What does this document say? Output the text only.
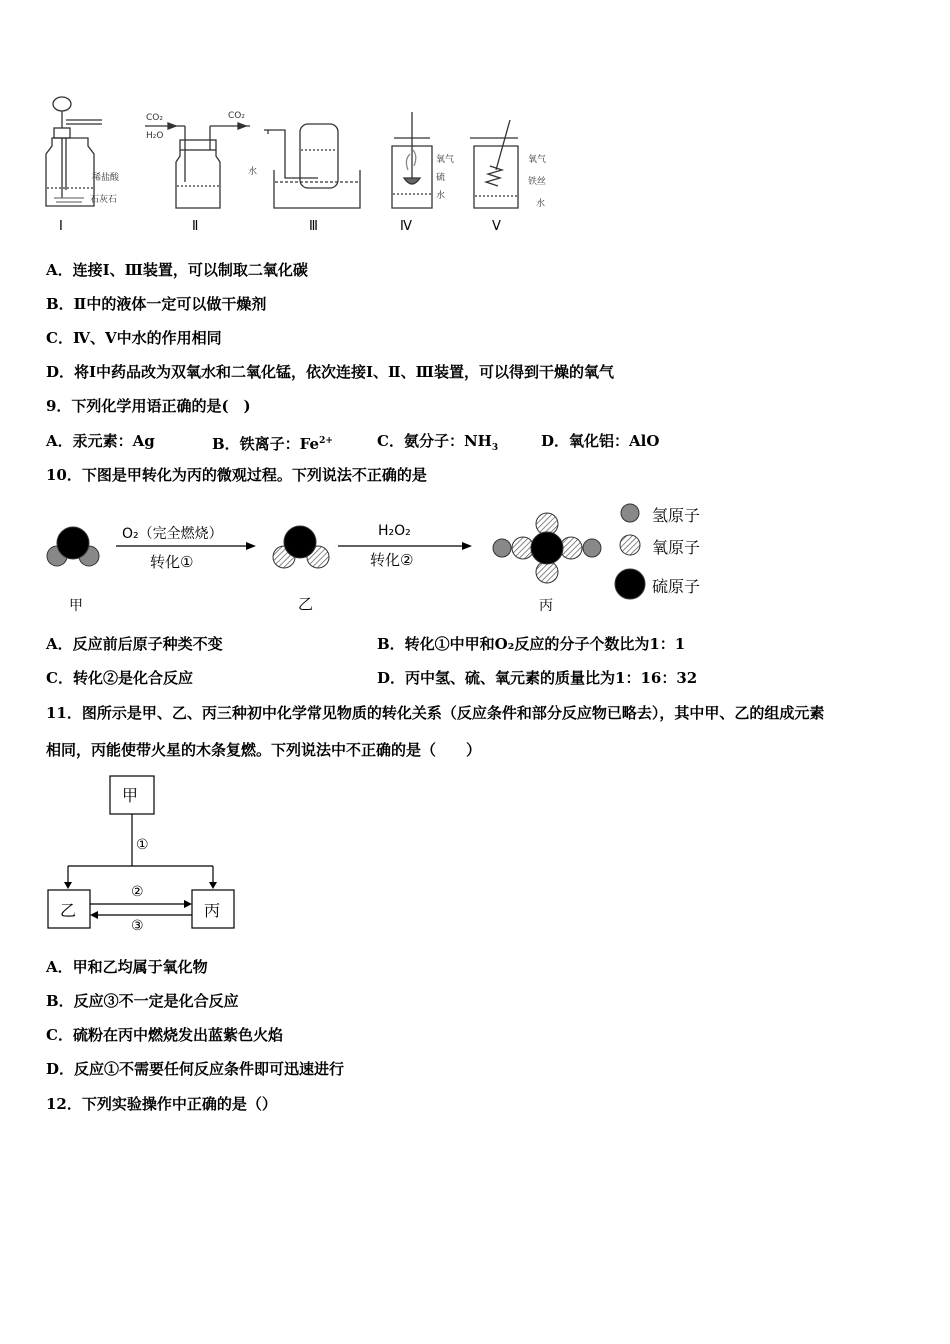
CO₂
H₂O
CO₂
稀盐酸
石灰石
水
氧气
硫
水
氧气
铁丝
水
Ⅰ	Ⅱ	Ⅲ	Ⅳ	Ⅴ
A．连接Ⅰ、Ⅲ装置，可以制取二氧化碳
B．Ⅱ中的液体一定可以做干燥剂
C．Ⅳ、Ⅴ中水的作用相同
D．将Ⅰ中药品改为双氧水和二氧化锰，依次连接Ⅰ、Ⅱ、Ⅲ装置，可以得到干燥的氧气
9．下列化学用语正确的是(　)
A．汞元素：Ag	B．铁离子：$Fe^{2+}$	C．氨分子：$NH_3$	D．氧化铝：AlO
10．下图是甲转化为丙的微观过程。下列说法不正确的是
O₂（完全燃烧）
转化①
H₂O₂
转化②
甲	乙	丙
氢原子
氧原子
硫原子
A．反应前后原子种类不变	B．转化①中甲和O₂反应的分子个数比为1：1
C．转化②是化合反应	D．丙中氢、硫、氧元素的质量比为1：16：32
11．图所示是甲、乙、丙三种初中化学常见物质的转化关系（反应条件和部分反应物已略去），其中甲、乙的组成元素
相同，丙能使带火星的木条复燃。下列说法中不正确的是（　　）
甲
乙	丙
①
②
③
A．甲和乙均属于氧化物
B．反应③不一定是化合反应
C．硫粉在丙中燃烧发出蓝紫色火焰
D．反应①不需要任何反应条件即可迅速进行
12．下列实验操作中正确的是（）
